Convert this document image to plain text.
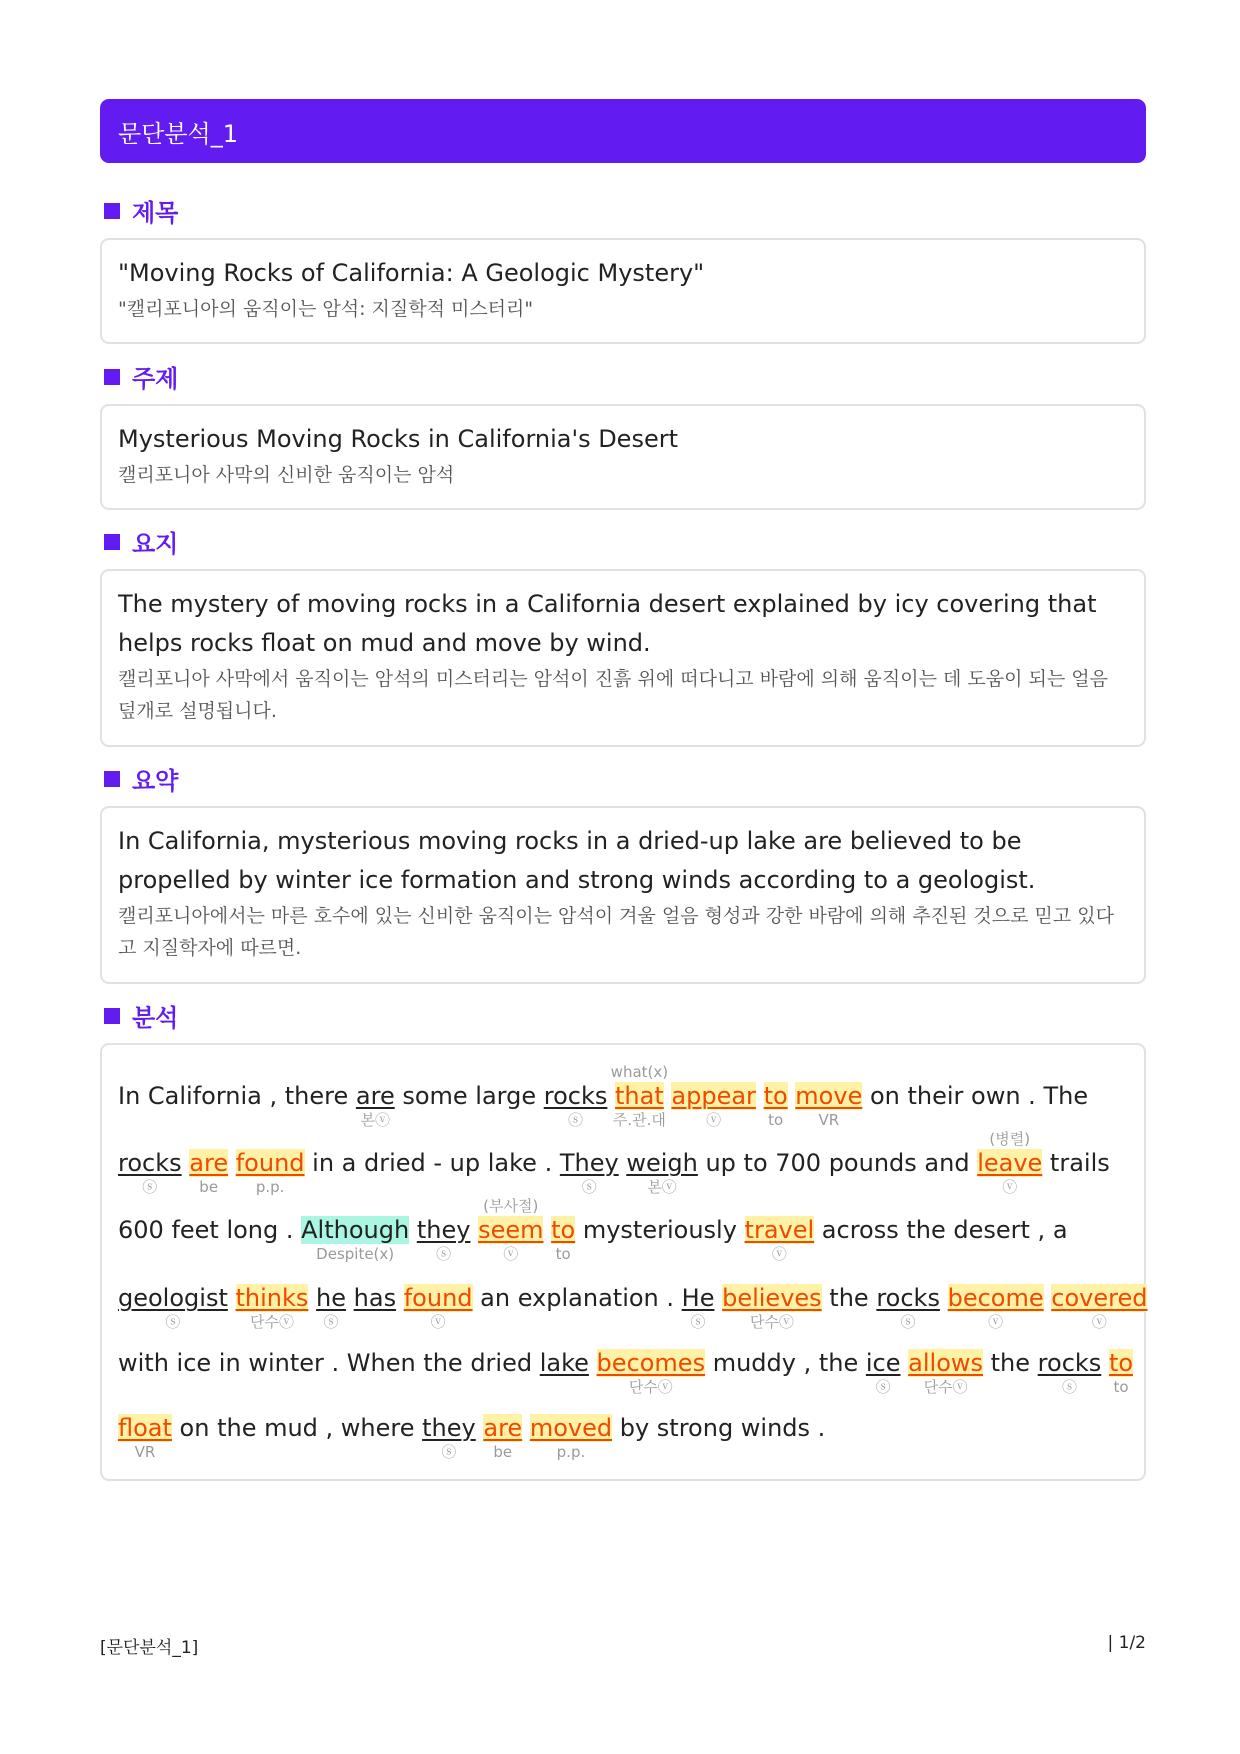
문단분석_1
제목
"Moving Rocks of California: A Geologic Mystery"
"캘리포니아의 움직이는 암석: 지질학적 미스터리"
주제
Mysterious Moving Rocks in California's Desert
캘리포니아 사막의 신비한 움직이는 암석
요지
The mystery of moving rocks in a California desert explained by icy covering that helps rocks float on mud and move by wind.
캘리포니아 사막에서 움직이는 암석의 미스터리는 암석이 진흙 위에 떠다니고 바람에 의해 움직이는 데 도움이 되는 얼음 덮개로 설명됩니다.
요약
In California, mysterious moving rocks in a dried-up lake are believed to be propelled by winter ice formation and strong winds according to a geologist.
캘리포니아에서는 마른 호수에 있는 신비한 움직이는 암석이 겨울 얼음 형성과 강한 바람에 의해 추진된 것으로 믿고 있다고 지질학자에 따르면.
분석
In California , there are
본ⓥ
some large rocks
ⓢ
that
주.관.대
what(x)
appear
ⓥ
to
to
move
VR
on their own . The
rocks
ⓢ
are
be
found
p.p.
in a dried - up lake . They
ⓢ
weigh
본ⓥ
up to 700 pounds and leave
ⓥ
(병렬)
trails
600 feet long . Although
Despite(x)
they
ⓢ
seem
ⓥ
(부사절)
to
to
mysteriously travel
ⓥ
across the desert , a
geologist
ⓢ
thinks
단수ⓥ
he
ⓢ
has found
ⓥ
an explanation . He
ⓢ
believes
단수ⓥ
the rocks
ⓢ
become
ⓥ
covered
ⓥ
with ice in winter . When the dried lake becomes
단수ⓥ
muddy , the ice
ⓢ
allows
단수ⓥ
the rocks
ⓢ
to
to
float
VR
on the mud , where they
ⓢ
are
be
moved
p.p.
by strong winds .
[문단분석_1]	| 1/2
